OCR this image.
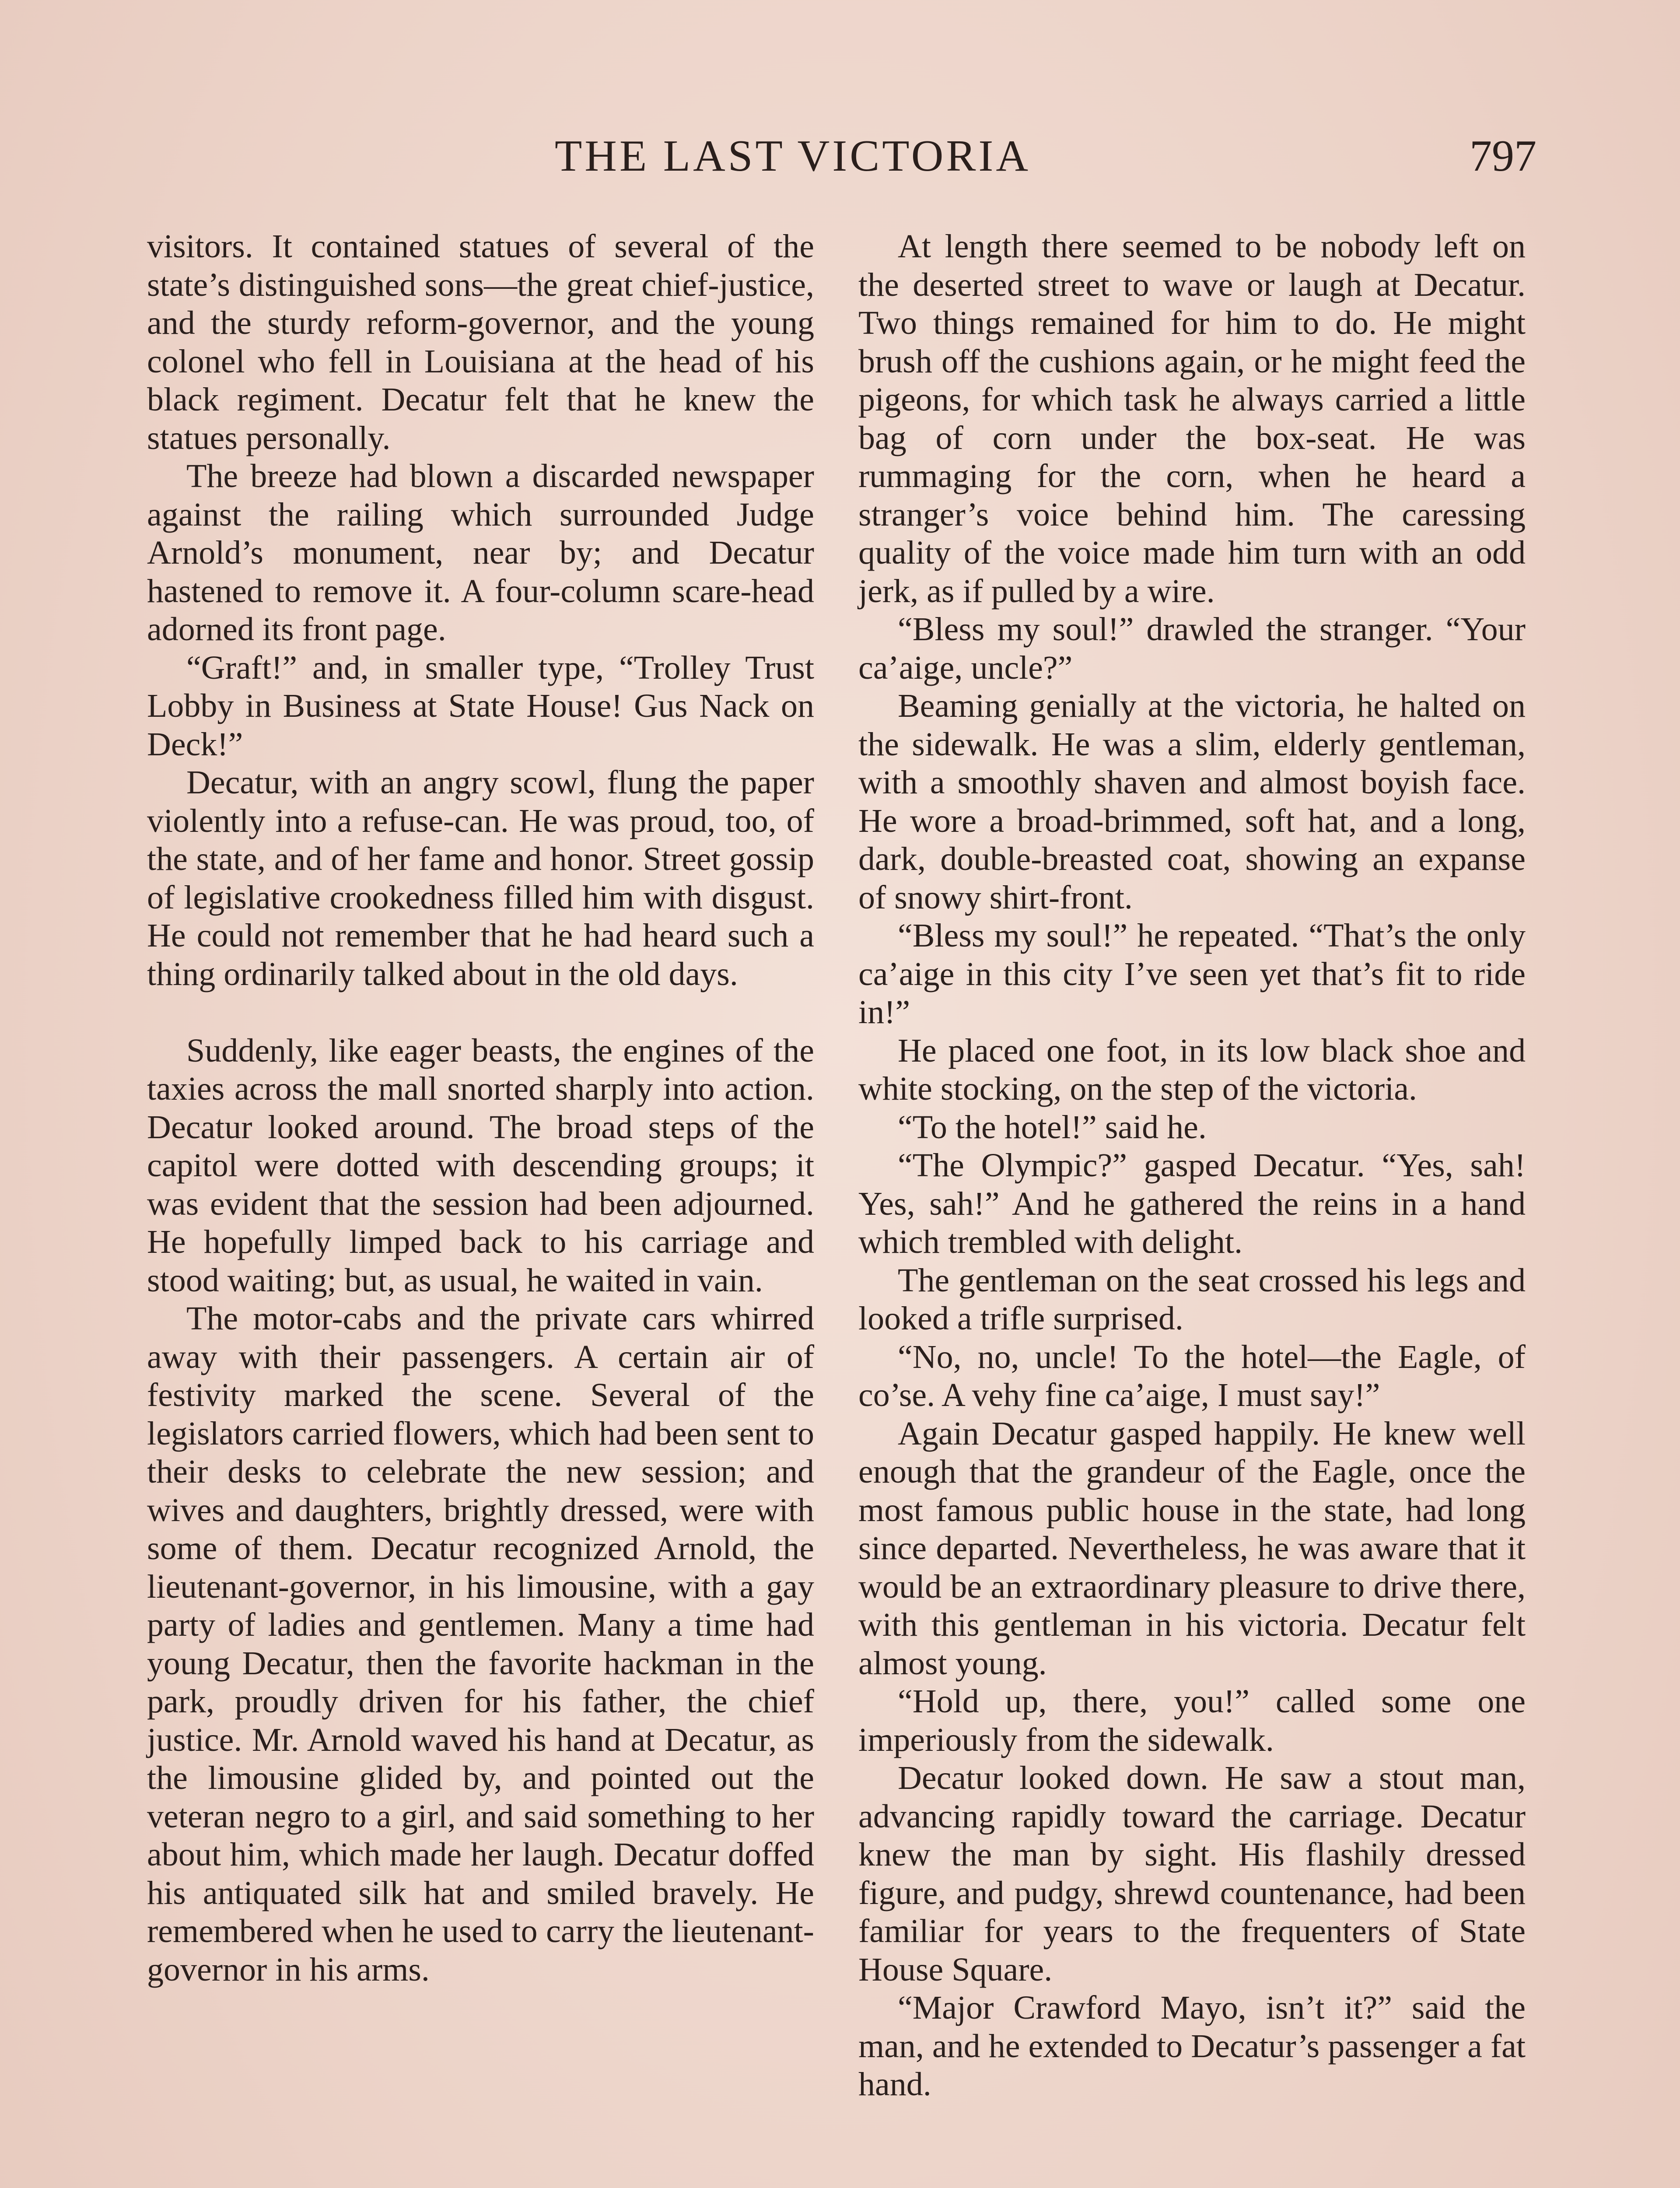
THE LAST VICTORIA	797

visitors. It contained statues of several of the state’s distinguished sons—the great chief-justice, and the sturdy reform-governor, and the young colonel who fell in Louisiana at the head of his black regiment. Decatur felt that he knew the statues personally.

The breeze had blown a discarded newspaper against the railing which surrounded Judge Arnold’s monument, near by; and Decatur hastened to remove it. A four-column scare-head adorned its front page.

“Graft!” and, in smaller type, “Trolley Trust Lobby in Business at State House! Gus Nack on Deck!”

Decatur, with an angry scowl, flung the paper violently into a refuse-can. He was proud, too, of the state, and of her fame and honor. Street gossip of legislative crookedness filled him with disgust. He could not remember that he had heard such a thing ordinarily talked about in the old days.

Suddenly, like eager beasts, the engines of the taxies across the mall snorted sharply into action. Decatur looked around. The broad steps of the capitol were dotted with descending groups; it was evident that the session had been adjourned. He hopefully limped back to his carriage and stood waiting; but, as usual, he waited in vain.

The motor-cabs and the private cars whirred away with their passengers. A certain air of festivity marked the scene. Several of the legislators carried flowers, which had been sent to their desks to celebrate the new session; and wives and daughters, brightly dressed, were with some of them. Decatur recognized Arnold, the lieutenant-governor, in his limousine, with a gay party of ladies and gentlemen. Many a time had young Decatur, then the favorite hackman in the park, proudly driven for his father, the chief justice. Mr. Arnold waved his hand at Decatur, as the limousine glided by, and pointed out the veteran negro to a girl, and said something to her about him, which made her laugh. Decatur doffed his antiquated silk hat and smiled bravely. He remembered when he used to carry the lieutenant-governor in his arms.

At length there seemed to be nobody left on the deserted street to wave or laugh at Decatur. Two things remained for him to do. He might brush off the cushions again, or he might feed the pigeons, for which task he always carried a little bag of corn under the box-seat. He was rummaging for the corn, when he heard a stranger’s voice behind him. The caressing quality of the voice made him turn with an odd jerk, as if pulled by a wire.

“Bless my soul!” drawled the stranger. “Your ca’aige, uncle?”

Beaming genially at the victoria, he halted on the sidewalk. He was a slim, elderly gentleman, with a smoothly shaven and almost boyish face. He wore a broad-brimmed, soft hat, and a long, dark, double-breasted coat, showing an expanse of snowy shirt-front.

“Bless my soul!” he repeated. “That’s the only ca’aige in this city I’ve seen yet that’s fit to ride in!”

He placed one foot, in its low black shoe and white stocking, on the step of the victoria.

“To the hotel!” said he.

“The Olympic?” gasped Decatur. “Yes, sah! Yes, sah!” And he gathered the reins in a hand which trembled with delight.

The gentleman on the seat crossed his legs and looked a trifle surprised.

“No, no, uncle! To the hotel—the Eagle, of co’se. A vehy fine ca’aige, I must say!”

Again Decatur gasped happily. He knew well enough that the grandeur of the Eagle, once the most famous public house in the state, had long since departed. Nevertheless, he was aware that it would be an extraordinary pleasure to drive there, with this gentleman in his victoria. Decatur felt almost young.

“Hold up, there, you!” called some one imperiously from the sidewalk.

Decatur looked down. He saw a stout man, advancing rapidly toward the carriage. Decatur knew the man by sight. His flashily dressed figure, and pudgy, shrewd countenance, had been familiar for years to the frequenters of State House Square.

“Major Crawford Mayo, isn’t it?” said the man, and he extended to Decatur’s passenger a fat hand.
